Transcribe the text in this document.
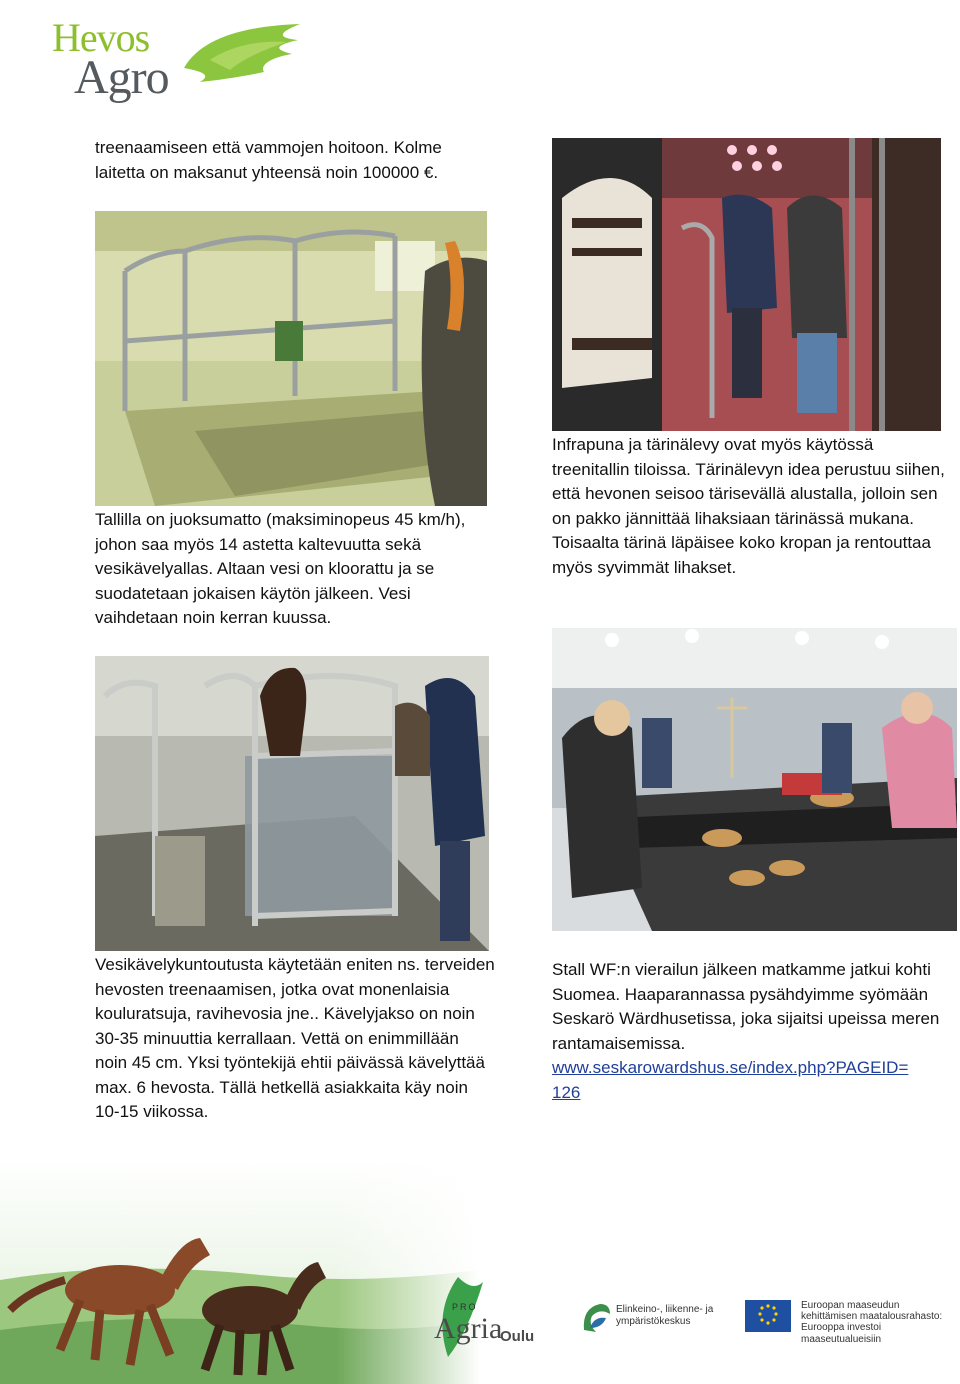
Hevos
Agro

treenaamiseen että vammojen hoitoon. Kolme laitetta on maksanut yhteensä noin 100000 €.

Tallilla on juoksumatto (maksiminopeus 45 km/h), johon saa myös 14 astetta kaltevuutta sekä vesikävelyallas. Altaan vesi on kloorattu ja se suodatetaan jokaisen käytön jälkeen. Vesi vaihdetaan noin kerran kuussa.

Infrapuna ja tärinälevy ovat myös käytössä treenitallin tiloissa. Tärinälevyn idea perustuu siihen, että hevonen seisoo tärisevällä alustalla, jolloin sen on pakko jännittää lihaksiaan tärinässä mukana. Toisaalta tärinä läpäisee koko kropan ja rentouttaa myös syvimmät lihakset.

Vesikävelykuntoutusta käytetään eniten ns. terveiden hevosten treenaamisen, jotka ovat monenlaisia kouluratsuja, ravihevosia jne.. Kävelyjakso on noin 30-35 minuuttia kerrallaan. Vettä on enimmillään noin 45 cm. Yksi työntekijä ehtii päivässä kävelyttää max. 6 hevosta. Tällä hetkellä asiakkaita käy noin 10-15 viikossa.

Stall WF:n vierailun jälkeen matkamme jatkui kohti Suomea. Haaparannassa pysähdyimme syömään Seskarö Wärdhusetissa, joka sijaitsi upeissa meren rantamaisemissa.

www.seskarowardshus.se/index.php?PAGEID=

126

PRO
Agria
Oulu
Elinkeino-, liikenne- ja
ympäristökeskus
Euroopan maaseudun
kehittämisen maatalousrahasto:
Eurooppa investoi maaseutualueisiin
